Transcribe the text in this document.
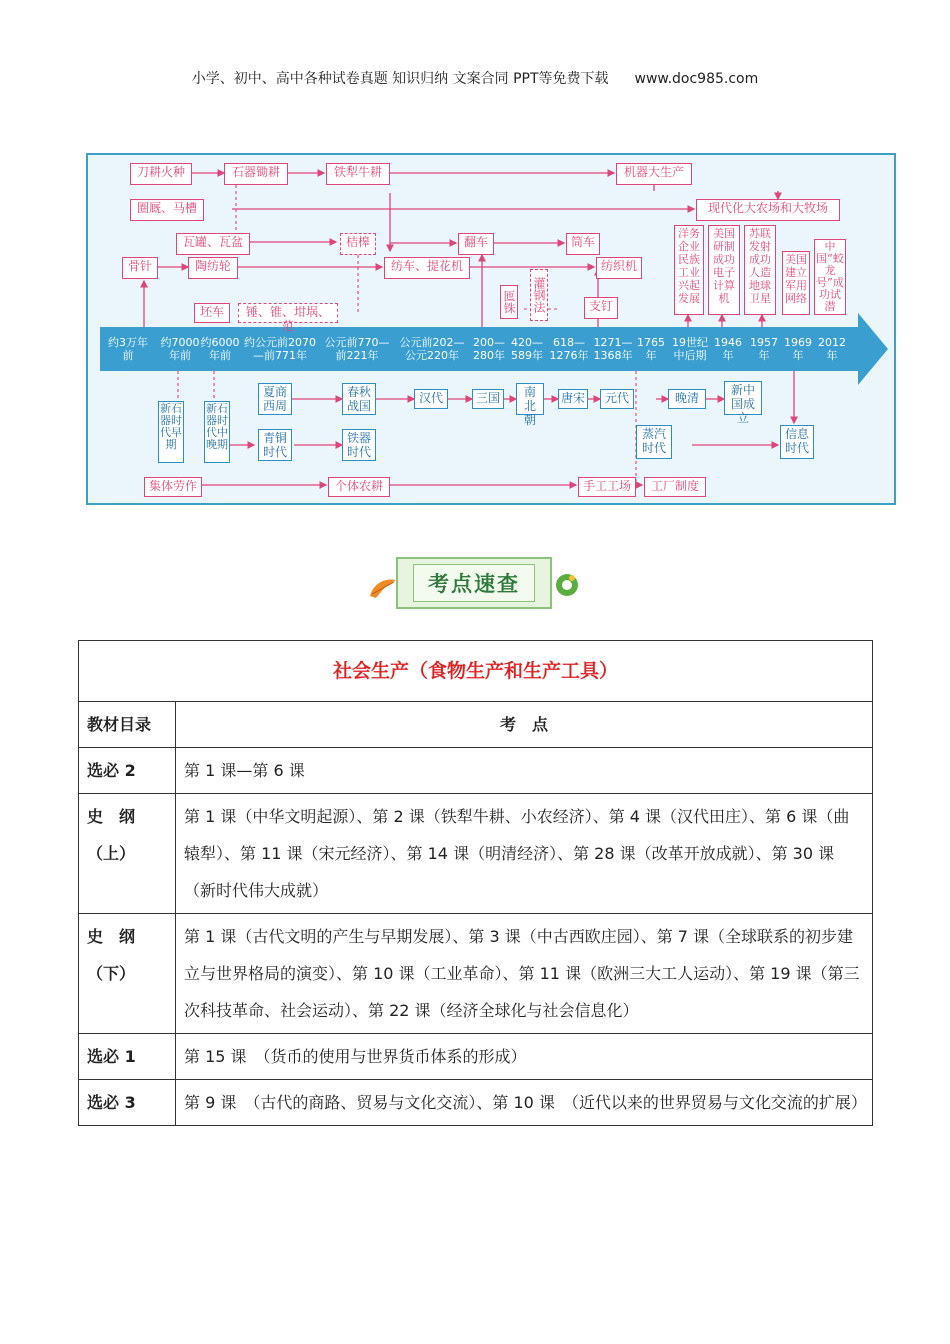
小学、初中、高中各种试卷真题 知识归纳 文案合同 PPT等免费下载 www.doc985.com
刀耕火种	石器锄耕	铁犁牛耕	机器大生产
圈厩、马槽	现代化大农场和大牧场
瓦罐、瓦盆	桔槔	翻车	筒车
骨针	陶纺轮	纺车、提花机	纺织机
匜铢 灌钢法	支钉
坯车	锤、锥、坩埚、范
洋务企业民族工业兴起发展
美国研制成功电子计算机
苏联发射成功人造地球卫星
美国建立军用网络
中国“蛟龙号”成功试潜
约3万年前
约7000年前
约6000年前
约公元前2070—前771年
公元前770—前221年
公元前202—公元220年
200—280年
420—589年
618—1276年
1271—1368年
1765年
19世纪中后期
1946年
1957年
1969年
2012年
新石器时代早期
新石器时代中晚期
夏商西周
春秋战国
汉代	三国	南北朝
唐宋	元代	晚清
新中国成立
青铜时代
铁器时代
蒸汽时代
信息时代
集体劳作	个体农耕	手工工场	工厂制度
考点速查
社会生产（食物生产和生产工具）	
教材目录	考　点
选必 2	第 1 课—第 6 课
史　纲（上）	第 1 课（中华文明起源）、第 2 课（铁犁牛耕、小农经济）、第 4 课（汉代田庄）、第 6 课（曲辕犁）、第 11 课（宋元经济）、第 14 课（明清经济）、第 28 课（改革开放成就）、第 30 课（新时代伟大成就）
史　纲（下）	第 1 课（古代文明的产生与早期发展）、第 3 课（中古西欧庄园）、第 7 课（全球联系的初步建立与世界格局的演变）、第 10 课（工业革命）、第 11 课（欧洲三大工人运动）、第 19 课（第三次科技革命、社会运动）、第 22 课（经济全球化与社会信息化）
选必 1	第 15 课　（货币的使用与世界货币体系的形成）
选必 3	第 9 课　（古代的商路、贸易与文化交流）、第 10 课　（近代以来的世界贸易与文化交流的扩展）
